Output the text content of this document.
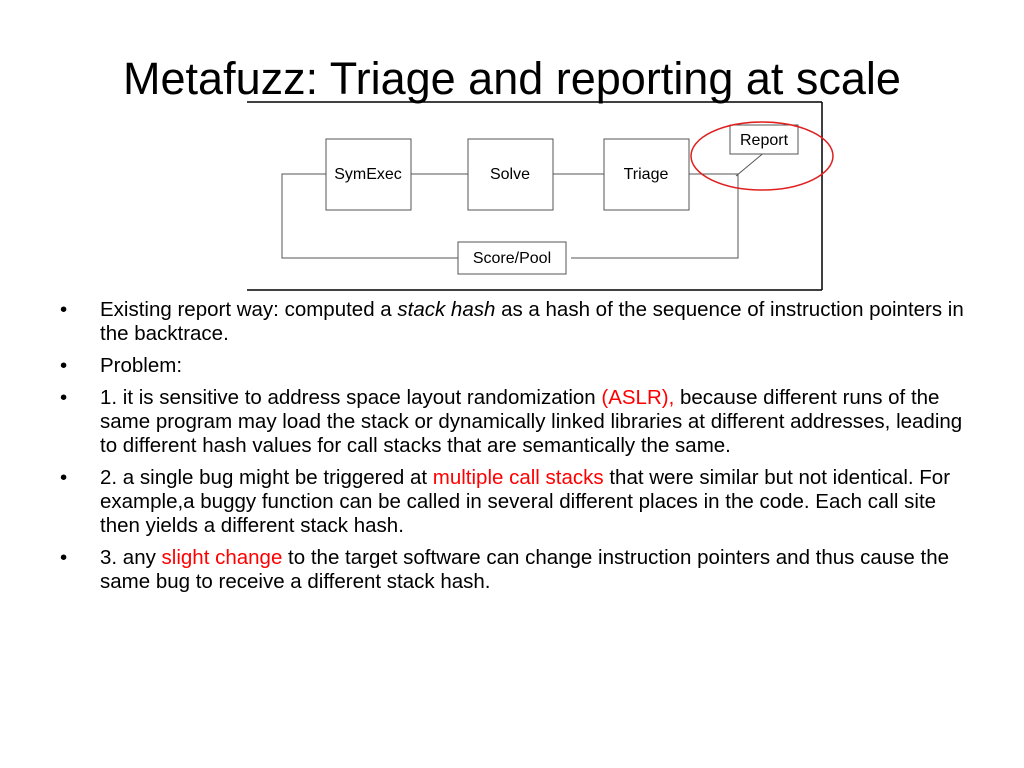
Metafuzz: Triage and reporting at scale
SymExec	Solve	Triage
Report
Score/Pool
• Existing report way: computed a stack hash as a hash of the sequence of instruction pointers in the backtrace.
• Problem:
• 1. it is sensitive to address space layout randomization (ASLR), because different runs of the same program may load the stack or dynamically linked libraries at different addresses, leading to different hash values for call stacks that are semantically the same.
• 2. a single bug might be triggered at multiple call stacks that were similar but not identical. For example,a buggy function can be called in several different places in the code. Each call site then yields a different stack hash.
• 3. any slight change to the target software can change instruction pointers and thus cause the same bug to receive a different stack hash.
